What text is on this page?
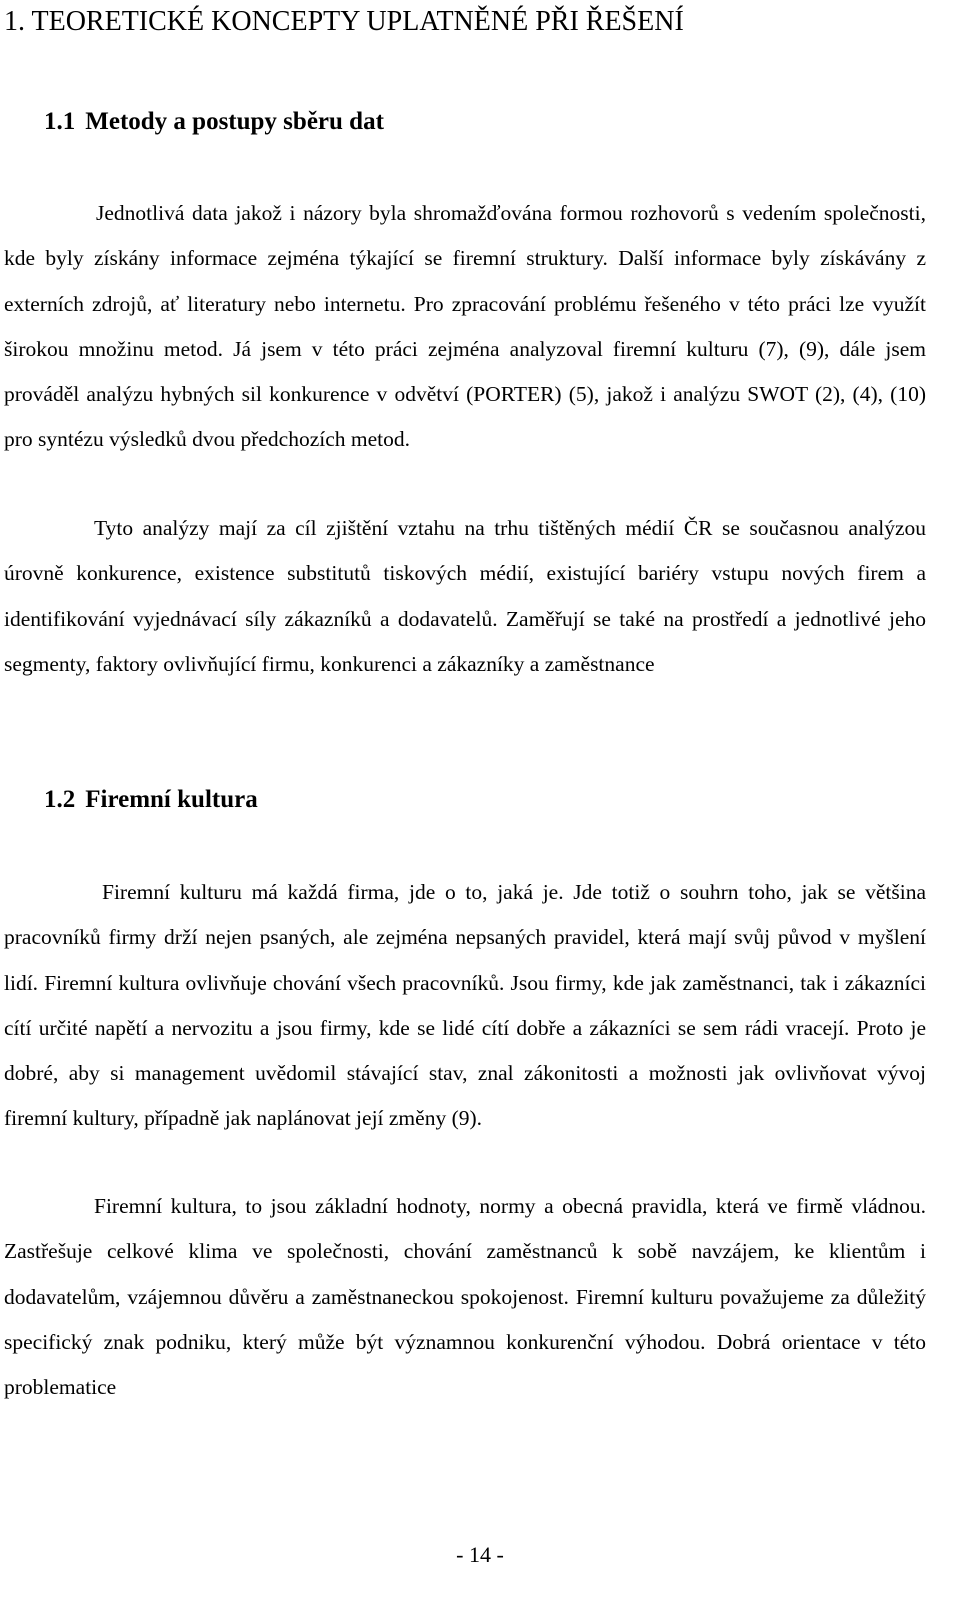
1. TEORETICKÉ KONCEPTY UPLATNĚNÉ PŘI ŘEŠENÍ
1.1 Metody a postupy sběru dat

Jednotlivá data jakož i názory byla shromažďována formou rozhovorů s vedením společnosti, kde byly získány informace zejména týkající se firemní struktury. Další informace byly získávány z externích zdrojů, ať literatury nebo internetu. Pro zpracování problému řešeného v této práci lze využít širokou množinu metod. Já jsem v této práci zejména analyzoval firemní kulturu (7), (9), dále jsem prováděl analýzu hybných sil konkurence v odvětví (PORTER) (5), jakož i analýzu SWOT (2), (4), (10) pro syntézu výsledků dvou předchozích metod.

Tyto analýzy mají za cíl zjištění vztahu na trhu tištěných médií ČR se současnou analýzou úrovně konkurence, existence substitutů tiskových médií, existující bariéry vstupu nových firem a identifikování vyjednávací síly zákazníků a dodavatelů. Zaměřují se také na prostředí a jednotlivé jeho segmenty, faktory ovlivňující firmu, konkurenci a zákazníky a zaměstnance

1.2 Firemní kultura

Firemní kulturu má každá firma, jde o to, jaká je. Jde totiž o souhrn toho, jak se většina pracovníků firmy drží nejen psaných, ale zejména nepsaných pravidel, která mají svůj původ v myšlení lidí. Firemní kultura ovlivňuje chování všech pracovníků. Jsou firmy, kde jak zaměstnanci, tak i zákazníci cítí určité napětí a nervozitu a jsou firmy, kde se lidé cítí dobře a zákazníci se sem rádi vracejí. Proto je dobré, aby si management uvědomil stávající stav, znal zákonitosti a možnosti jak ovlivňovat vývoj firemní kultury, případně jak naplánovat její změny (9).

Firemní kultura, to jsou základní hodnoty, normy a obecná pravidla, která ve firmě vládnou. Zastřešuje celkové klima ve společnosti, chování zaměstnanců k sobě navzájem, ke klientům i dodavatelům, vzájemnou důvěru a zaměstnaneckou spokojenost. Firemní kulturu považujeme za důležitý specifický znak podniku, který může být významnou konkurenční výhodou. Dobrá orientace v této problematice

- 14 -
